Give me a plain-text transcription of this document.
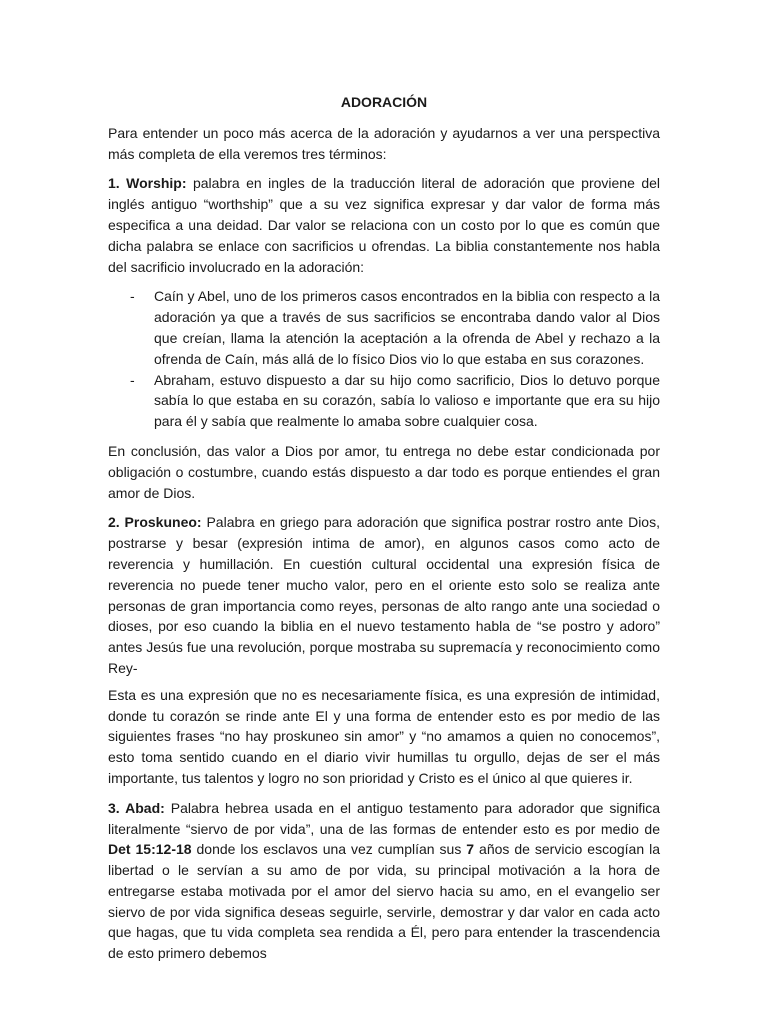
ADORACIÓN

Para entender un poco más acerca de la adoración y ayudarnos a ver una perspectiva más completa de ella veremos tres términos:

1. Worship: palabra en ingles de la traducción literal de adoración que proviene del inglés antiguo “worthship” que a su vez significa expresar y dar valor de forma más especifica a una deidad. Dar valor se relaciona con un costo por lo que es común que dicha palabra se enlace con sacrificios u ofrendas. La biblia constantemente nos habla del sacrificio involucrado en la adoración:

- Caín y Abel, uno de los primeros casos encontrados en la biblia con respecto a la adoración ya que a través de sus sacrificios se encontraba dando valor al Dios que creían, llama la atención la aceptación a la ofrenda de Abel y rechazo a la ofrenda de Caín, más allá de lo físico Dios vio lo que estaba en sus corazones.
- Abraham, estuvo dispuesto a dar su hijo como sacrificio, Dios lo detuvo porque sabía lo que estaba en su corazón, sabía lo valioso e importante que era su hijo para él y sabía que realmente lo amaba sobre cualquier cosa.

En conclusión, das valor a Dios por amor, tu entrega no debe estar condicionada por obligación o costumbre, cuando estás dispuesto a dar todo es porque entiendes el gran amor de Dios.

2. Proskuneo: Palabra en griego para adoración que significa postrar rostro ante Dios, postrarse y besar (expresión intima de amor), en algunos casos como acto de reverencia y humillación. En cuestión cultural occidental una expresión física de reverencia no puede tener mucho valor, pero en el oriente esto solo se realiza ante personas de gran importancia como reyes, personas de alto rango ante una sociedad o dioses, por eso cuando la biblia en el nuevo testamento habla de “se postro y adoro” antes Jesús fue una revolución, porque mostraba su supremacía y reconocimiento como Rey-

Esta es una expresión que no es necesariamente física, es una expresión de intimidad, donde tu corazón se rinde ante El y una forma de entender esto es por medio de las siguientes frases “no hay proskuneo sin amor” y “no amamos a quien no conocemos”, esto toma sentido cuando en el diario vivir humillas tu orgullo, dejas de ser el más importante, tus talentos y logro no son prioridad y Cristo es el único al que quieres ir.

3. Abad: Palabra hebrea usada en el antiguo testamento para adorador que significa literalmente “siervo de por vida”, una de las formas de entender esto es por medio de Det 15:12-18 donde los esclavos una vez cumplían sus 7 años de servicio escogían la libertad o le servían a su amo de por vida, su principal motivación a la hora de entregarse estaba motivada por el amor del siervo hacia su amo, en el evangelio ser siervo de por vida significa deseas seguirle, servirle, demostrar y dar valor en cada acto que hagas, que tu vida completa sea rendida a Él, pero para entender la trascendencia de esto primero debemos
